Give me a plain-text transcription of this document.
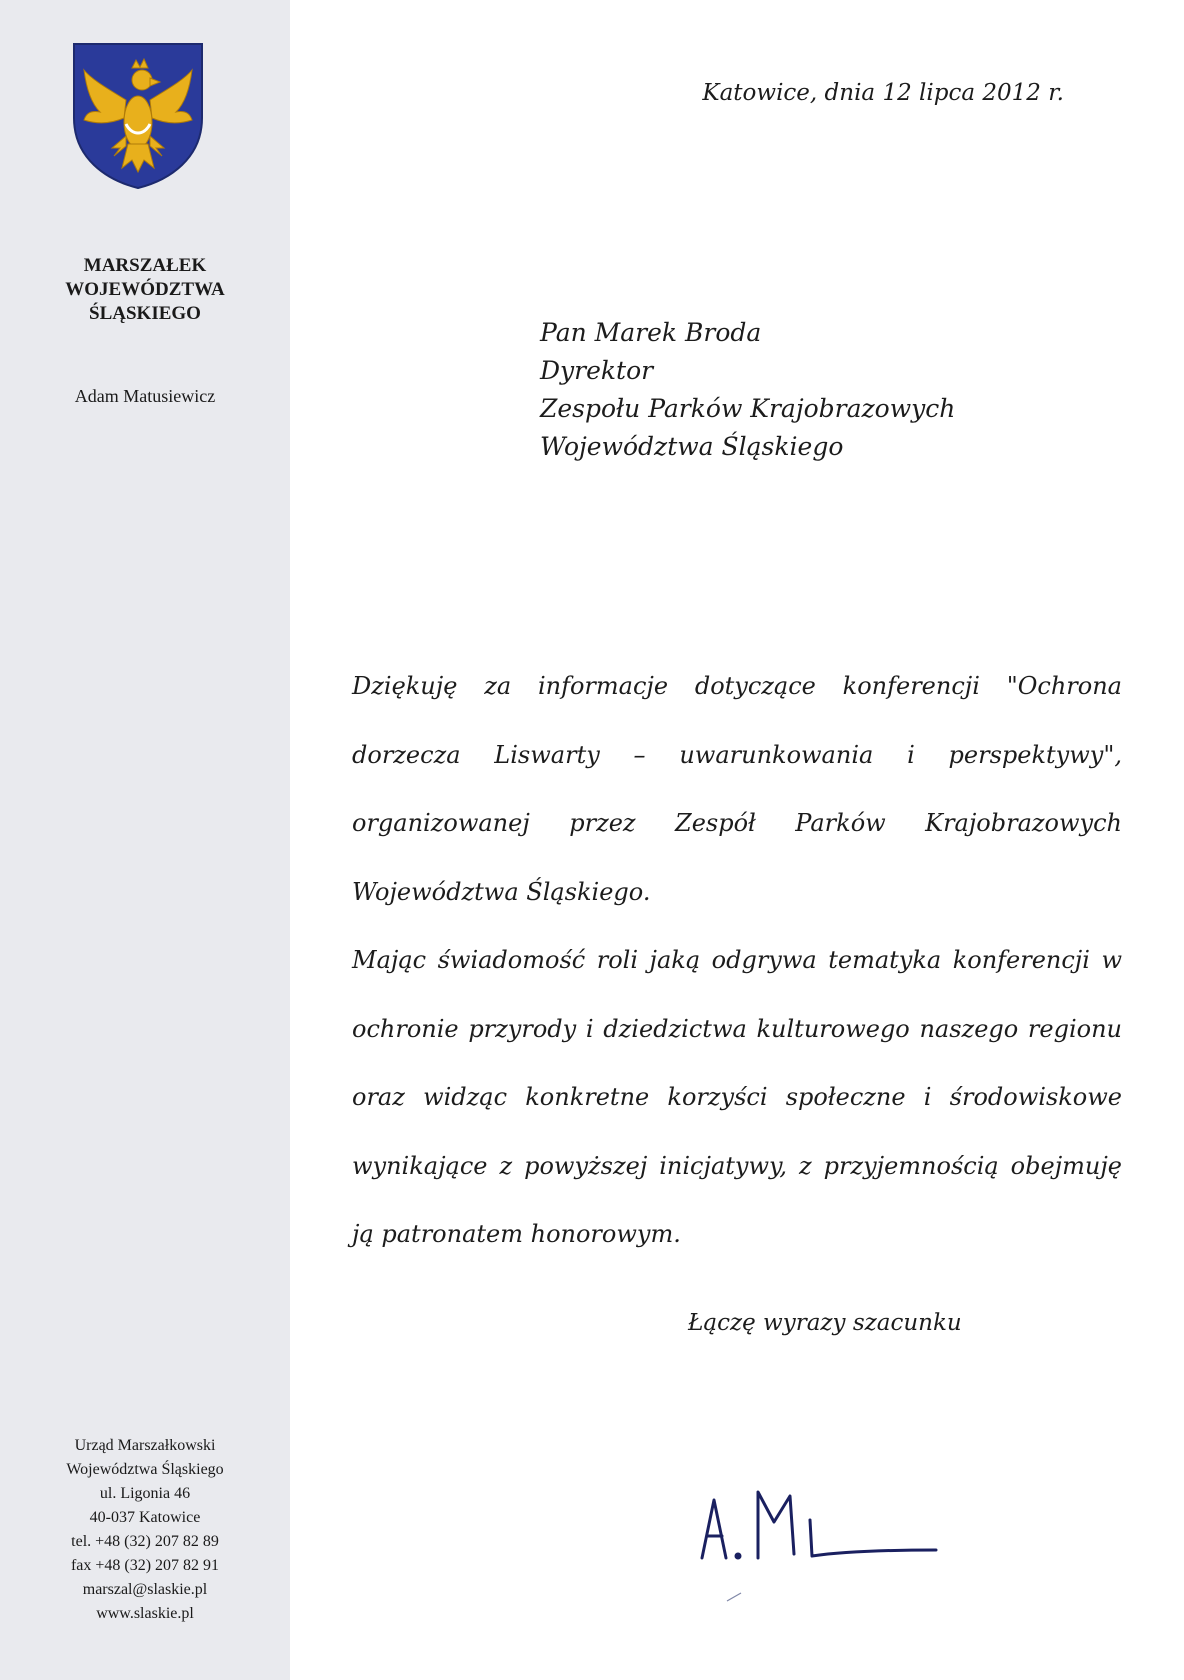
MARSZAŁEK
WOJEWÓDZTWA
ŚLĄSKIEGO
Adam Matusiewicz
Urząd Marszałkowski
Województwa Śląskiego
ul. Ligonia 46
40-037 Katowice
tel. +48 (32) 207 82 89
fax +48 (32) 207 82 91
marszal@slaskie.pl
www.slaskie.pl
Katowice, dnia 12 lipca 2012 r.
Pan Marek Broda
Dyrektor
Zespołu Parków Krajobrazowych
Województwa Śląskiego

Dziękuję za informacje dotyczące konferencji "Ochrona dorzecza Liswarty – uwarunkowania i perspektywy", organizowanej przez Zespół Parków Krajobrazowych Województwa Śląskiego.

Mając świadomość roli jaką odgrywa tematyka konferencji w ochronie przyrody i dziedzictwa kulturowego naszego regionu oraz widząc konkretne korzyści społeczne i środowiskowe wynikające z powyższej inicjatywy, z przyjemnością obejmuję ją patronatem honorowym.

Łączę wyrazy szacunku
